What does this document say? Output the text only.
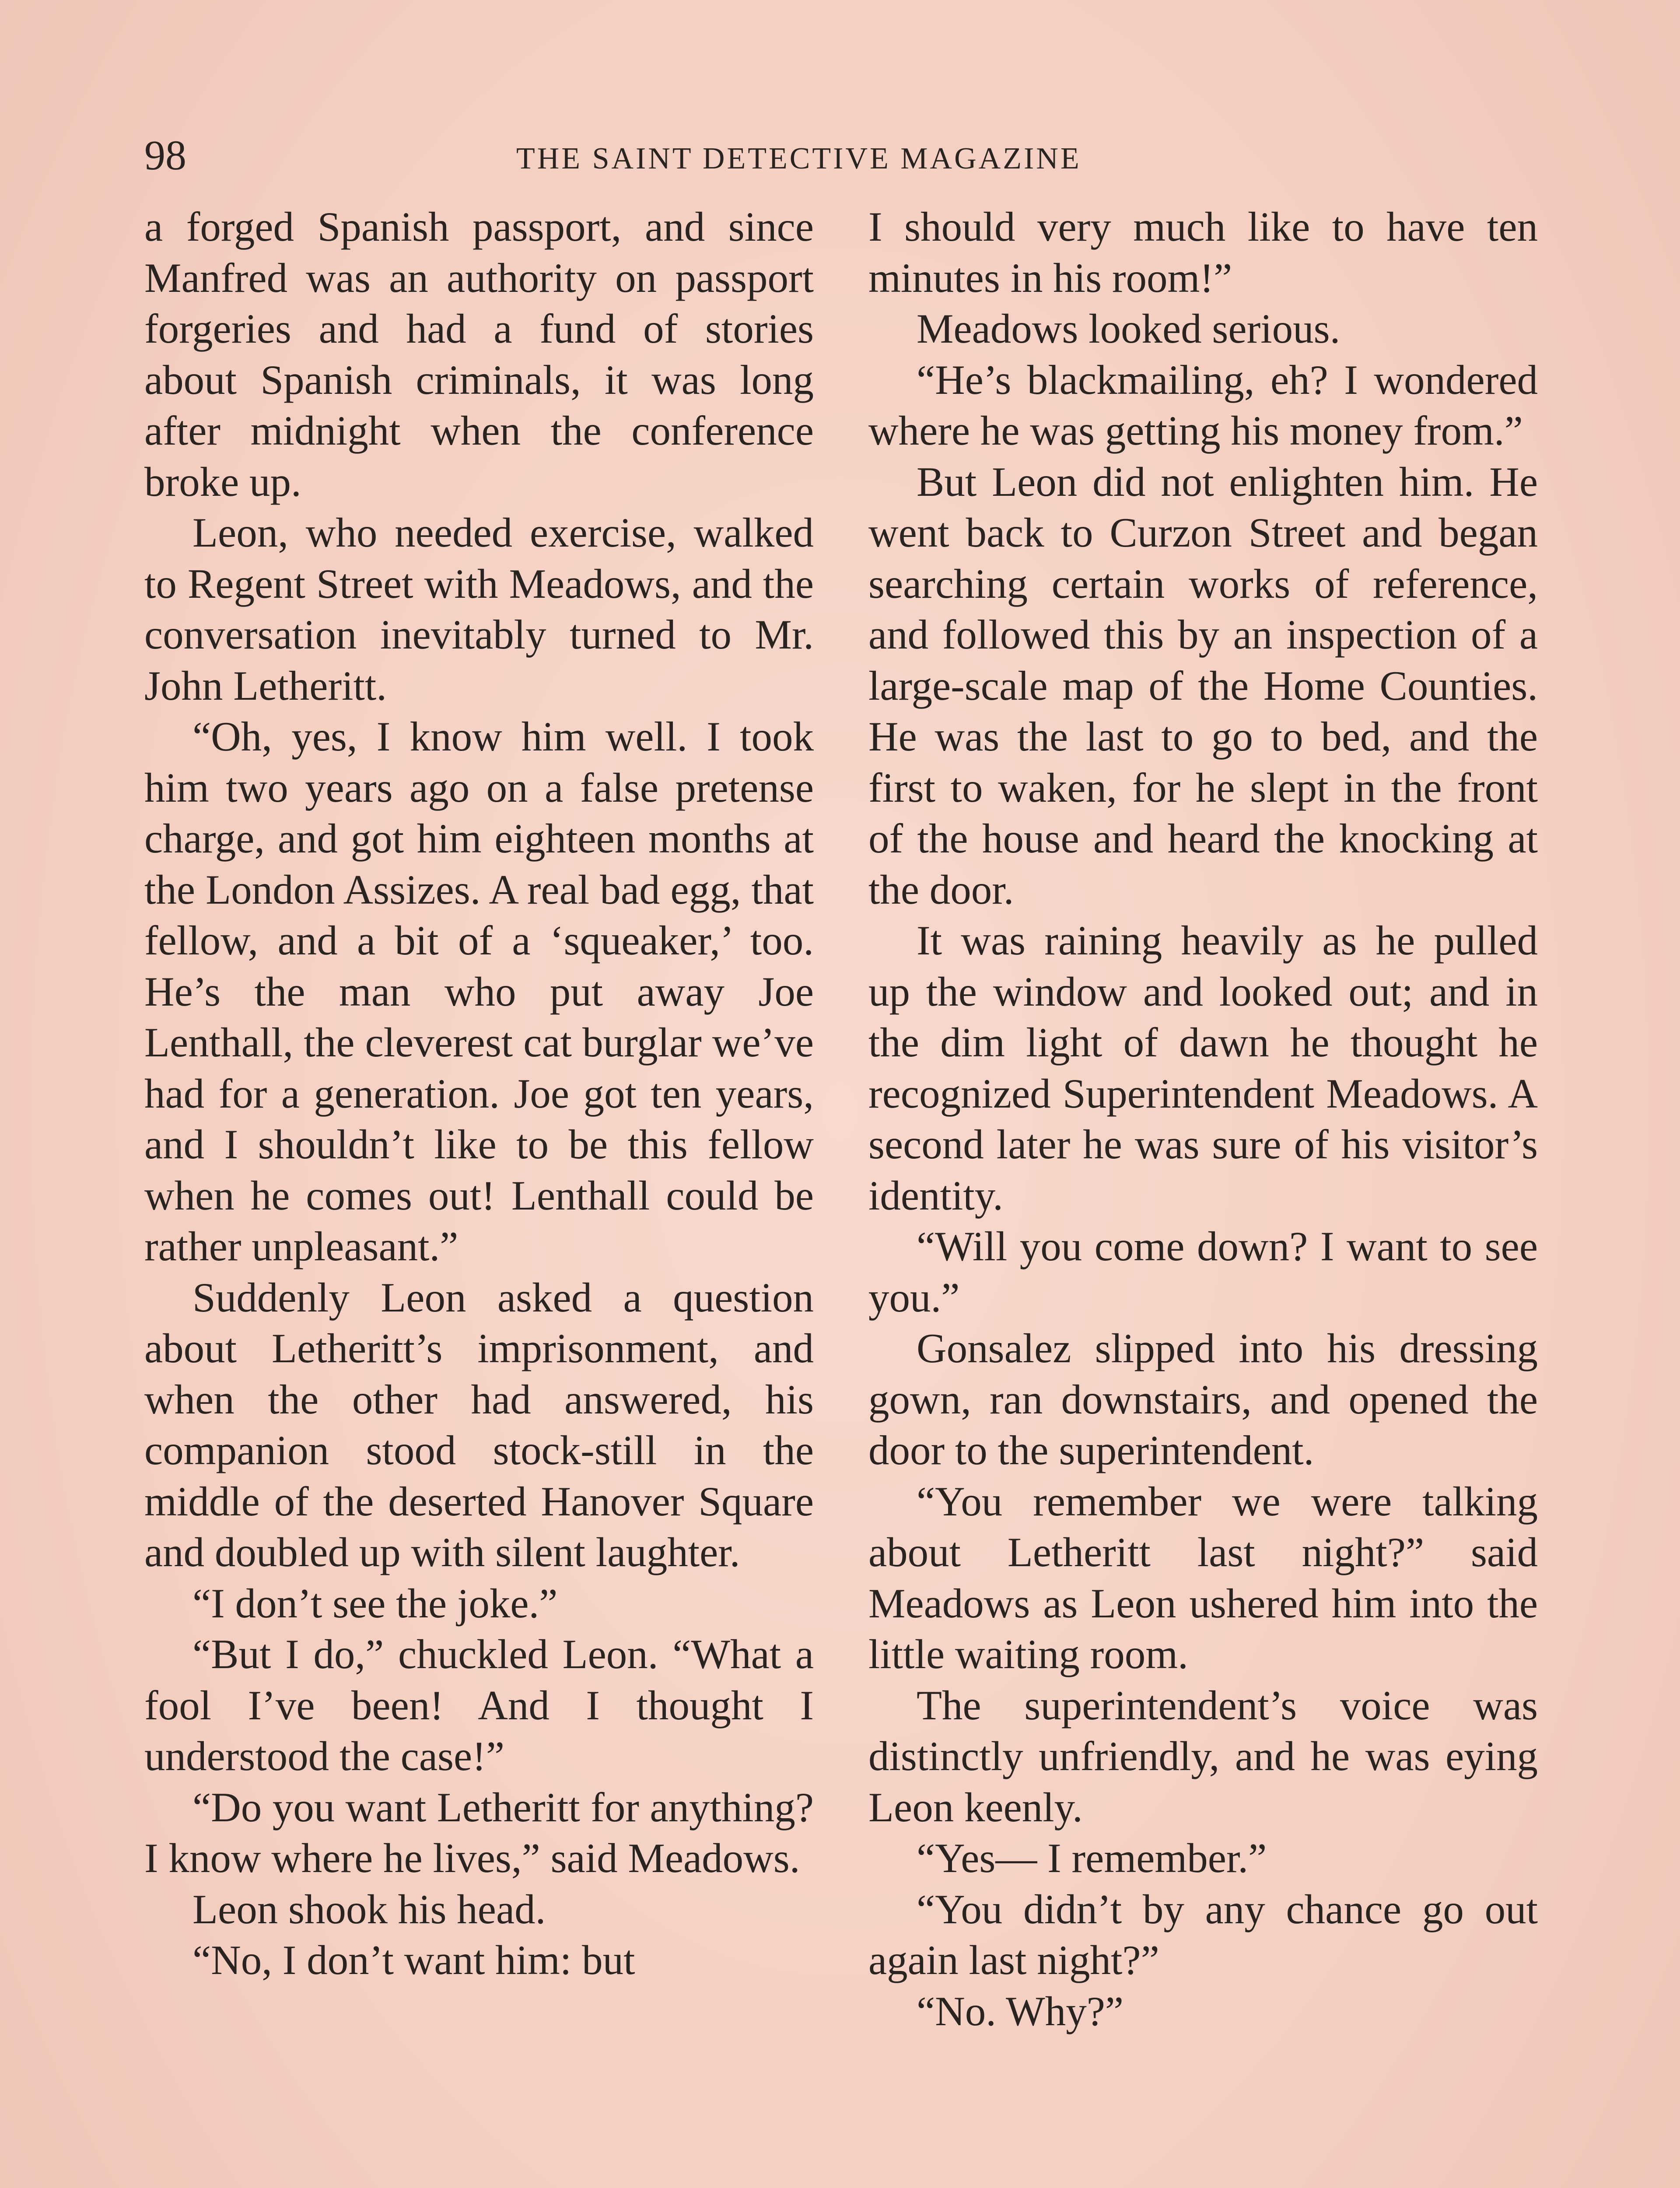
98	THE SAINT DETECTIVE MAGAZINE

a forged Spanish passport, and since Manfred was an authority on passport forgeries and had a fund of stories about Spanish criminals, it was long after midnight when the conference broke up.

Leon, who needed exercise, walked to Regent Street with Meadows, and the conversation inevitably turned to Mr. John Letheritt.

“Oh, yes, I know him well. I took him two years ago on a false pretense charge, and got him eighteen months at the London Assizes. A real bad egg, that fellow, and a bit of a ‘squeaker,’ too. He’s the man who put away Joe Lenthall, the cleverest cat burglar we’ve had for a generation. Joe got ten years, and I shouldn’t like to be this fellow when he comes out! Lenthall could be rather unpleasant.”

Suddenly Leon asked a question about Letheritt’s imprisonment, and when the other had answered, his companion stood stock-still in the middle of the deserted Hanover Square and doubled up with silent laughter.

“I don’t see the joke.”

“But I do,” chuckled Leon. “What a fool I’ve been! And I thought I understood the case!”

“Do you want Letheritt for anything? I know where he lives,” said Meadows.

Leon shook his head.

“No, I don’t want him: but

I should very much like to have ten minutes in his room!”

Meadows looked serious.

“He’s blackmailing, eh? I wondered where he was getting his money from.”

But Leon did not enlighten him. He went back to Curzon Street and began searching certain works of reference, and followed this by an inspection of a large-scale map of the Home Counties. He was the last to go to bed, and the first to waken, for he slept in the front of the house and heard the knocking at the door.

It was raining heavily as he pulled up the window and looked out; and in the dim light of dawn he thought he recognized Superintendent Meadows. A second later he was sure of his visitor’s identity.

“Will you come down? I want to see you.”

Gonsalez slipped into his dressing gown, ran downstairs, and opened the door to the superintendent.

“You remember we were talking about Letheritt last night?” said Meadows as Leon ushered him into the little waiting room.

The superintendent’s voice was distinctly unfriendly, and he was eying Leon keenly.

“Yes— I remember.”

“You didn’t by any chance go out again last night?”

“No. Why?”
